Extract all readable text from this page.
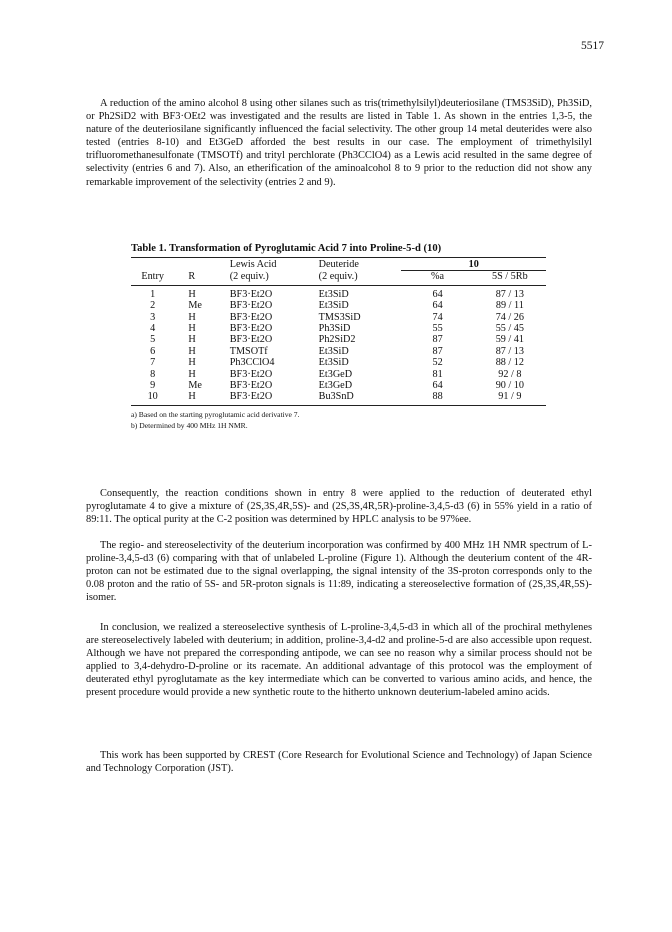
5517

A reduction of the amino alcohol 8 using other silanes such as tris(trimethylsilyl)deuteriosilane (TMS3SiD), Ph3SiD, or Ph2SiD2 with BF3·OEt2 was investigated and the results are listed in Table 1. As shown in the entries 1,3-5, the nature of the deuteriosilane significantly influenced the facial selectivity. The other group 14 metal deuterides were also tested (entries 8-10) and Et3GeD afforded the best results in our case. The employment of trimethylsilyl trifluoromethanesulfonate (TMSOTf) and trityl perchlorate (Ph3CClO4) as a Lewis acid resulted in the same degree of selectivity (entries 6 and 7). Also, an etherification of the aminoalcohol 8 to 9 prior to the reduction did not show any remarkable improvement of the selectivity (entries 2 and 9).

Table 1. Transformation of Pyroglutamic Acid 7 into Proline-5-d (10)
		Lewis Acid	Deuteride	10	
Entry	R	(2 equiv.)	(2 equiv.)	%a	5S / 5Rb
1	H	BF3·Et2O	Et3SiD	64	87 / 13
2	Me	BF3·Et2O	Et3SiD	64	89 / 11
3	H	BF3·Et2O	TMS3SiD	74	74 / 26
4	H	BF3·Et2O	Ph3SiD	55	55 / 45
5	H	BF3·Et2O	Ph2SiD2	87	59 / 41
6	H	TMSOTf	Et3SiD	87	87 / 13
7	H	Ph3CClO4	Et3SiD	52	88 / 12
8	H	BF3·Et2O	Et3GeD	81	92 / 8
9	Me	BF3·Et2O	Et3GeD	64	90 / 10
10	H	BF3·Et2O	Bu3SnD	88	91 / 9
a) Based on the starting pyroglutamic acid derivative 7.
b) Determined by 400 MHz 1H NMR.

Consequently, the reaction conditions shown in entry 8 were applied to the reduction of deuterated ethyl pyroglutamate 4 to give a mixture of (2S,3S,4R,5S)- and (2S,3S,4R,5R)-proline-3,4,5-d3 (6) in 55% yield in a ratio of 89:11. The optical purity at the C-2 position was determined by HPLC analysis to be 97%ee.

The regio- and stereoselectivity of the deuterium incorporation was confirmed by 400 MHz 1H NMR spectrum of L-proline-3,4,5-d3 (6) comparing with that of unlabeled L-proline (Figure 1). Although the deuterium content of the 4R-proton can not be estimated due to the signal overlapping, the signal intensity of the 3S-proton corresponds only to the 0.08 proton and the ratio of 5S- and 5R-proton signals is 11:89, indicating a stereoselective formation of (2S,3S,4R,5S)-isomer.

In conclusion, we realized a stereoselective synthesis of L-proline-3,4,5-d3 in which all of the prochiral methylenes are stereoselectively labeled with deuterium; in addition, proline-3,4-d2 and proline-5-d are also accessible upon request. Although we have not prepared the corresponding antipode, we can see no reason why a similar process should not be applied to 3,4-dehydro-D-proline or its racemate. An additional advantage of this protocol was the employment of deuterated ethyl pyroglutamate as the key intermediate which can be converted to various amino acids, and hence, the present procedure would provide a new synthetic route to the hitherto unknown deuterium-labeled amino acids.

This work has been supported by CREST (Core Research for Evolutional Science and Technology) of Japan Science and Technology Corporation (JST).
